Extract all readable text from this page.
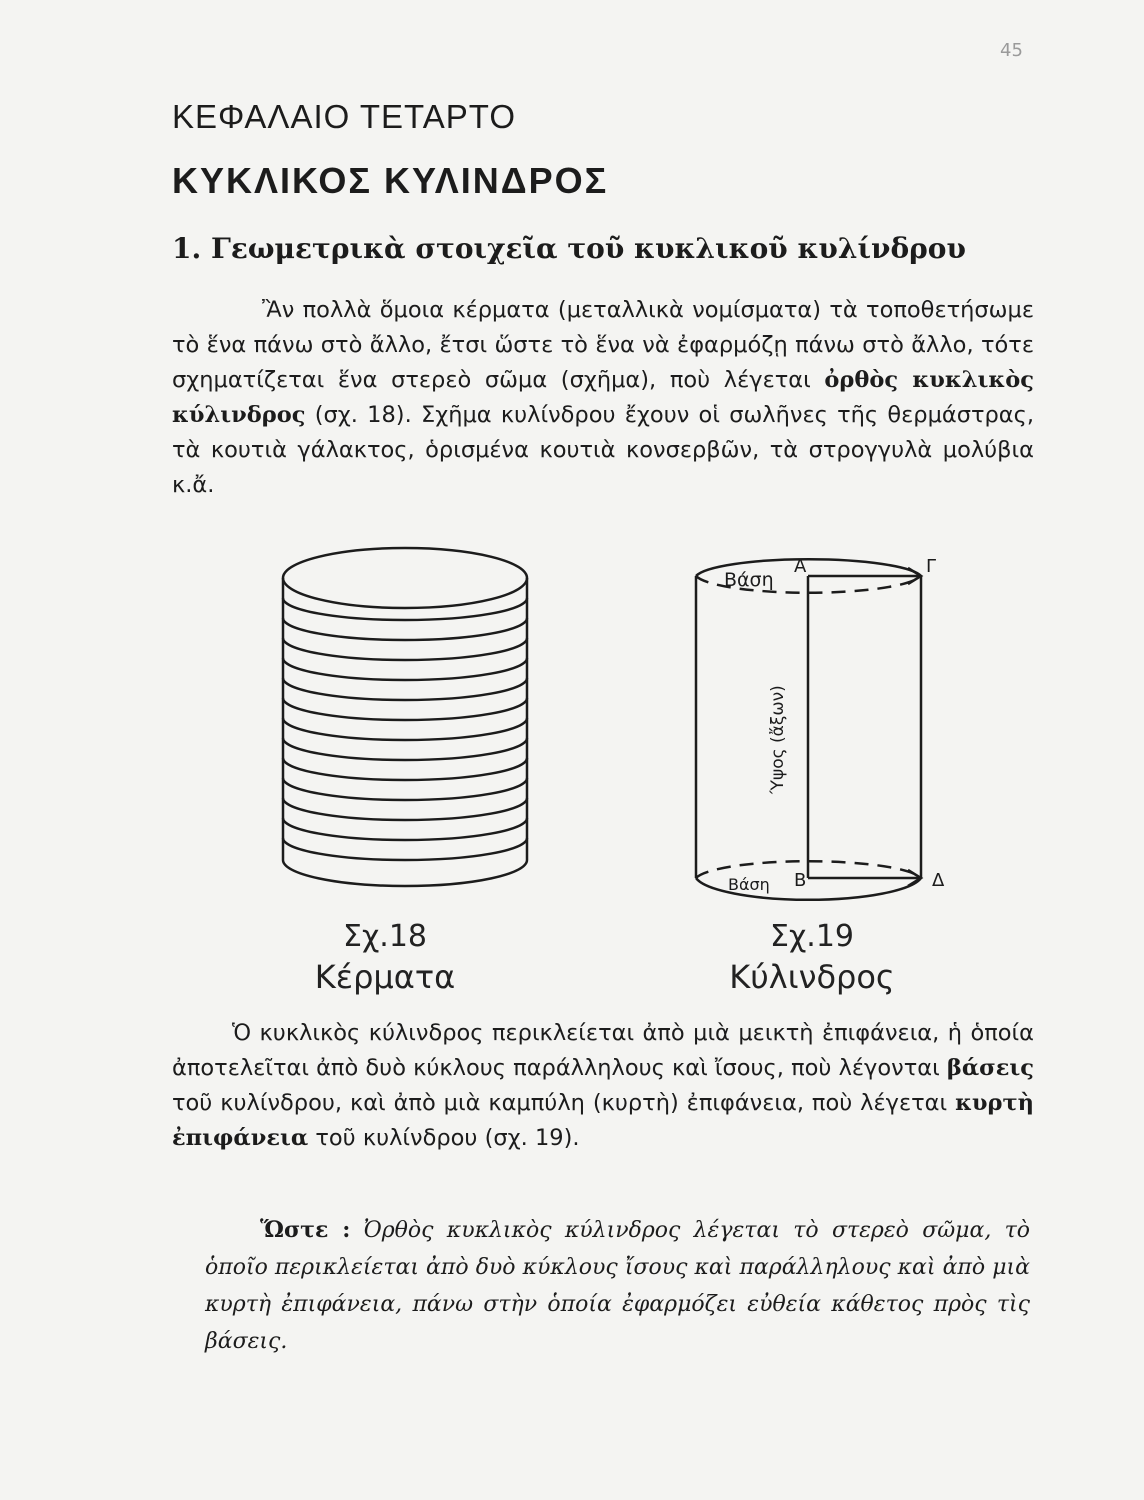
45
ΚΕΦΑΛΑΙΟ ΤΕΤΑΡΤΟ
ΚΥΚΛΙΚΟΣ ΚΥΛΙΝΔΡΟΣ
1. Γεωμετρικὰ στοιχεῖα τοῦ κυκλικοῦ κυλίνδρου
Ἂν πολλὰ ὅμοια κέρματα (μεταλλικὰ νομίσματα) τὰ τοποθετήσωμε τὸ ἕνα πάνω στὸ ἄλλο, ἔτσι ὥστε τὸ ἕνα νὰ ἐφαρμόζῃ πάνω στὸ ἄλλο, τότε σχηματίζεται ἕνα στερεὸ σῶμα (σχῆμα), ποὺ λέγεται ὀρθὸς κυκλικὸς κύλινδρος (σχ. 18). Σχῆμα κυλίνδρου ἔχουν οἱ σωλῆνες τῆς θερμάστρας, τὰ κουτιὰ γάλακτος, ὁρισμένα κουτιὰ κονσερβῶν, τὰ στρογγυλὰ μολύβια κ.ἄ.
Σχ.18
Κέρματα
Βάση
Βάση
Α	Γ
Β	Δ
Ύψος (ἄξων)
Σχ.19
Κύλινδρος
Ὁ κυκλικὸς κύλινδρος περικλείεται ἀπὸ μιὰ μεικτὴ ἐπιφάνεια, ἡ ὁποία ἀποτελεῖται ἀπὸ δυὸ κύκλους παράλληλους καὶ ἴσους, ποὺ λέγονται βάσεις τοῦ κυλίνδρου, καὶ ἀπὸ μιὰ καμπύλη (κυρτὴ) ἐπιφάνεια, ποὺ λέγεται κυρτὴ ἐπιφάνεια τοῦ κυλίνδρου (σχ. 19).
Ὥστε : Ὀρθὸς κυκλικὸς κύλινδρος λέγεται τὸ στερεὸ σῶμα, τὸ ὁποῖο περικλείεται ἀπὸ δυὸ κύκλους ἴσους καὶ παράλληλους καὶ ἀπὸ μιὰ κυρτὴ ἐπιφάνεια, πάνω στὴν ὁποία ἐφαρμόζει εὐθεία κάθετος πρὸς τὶς βάσεις.
